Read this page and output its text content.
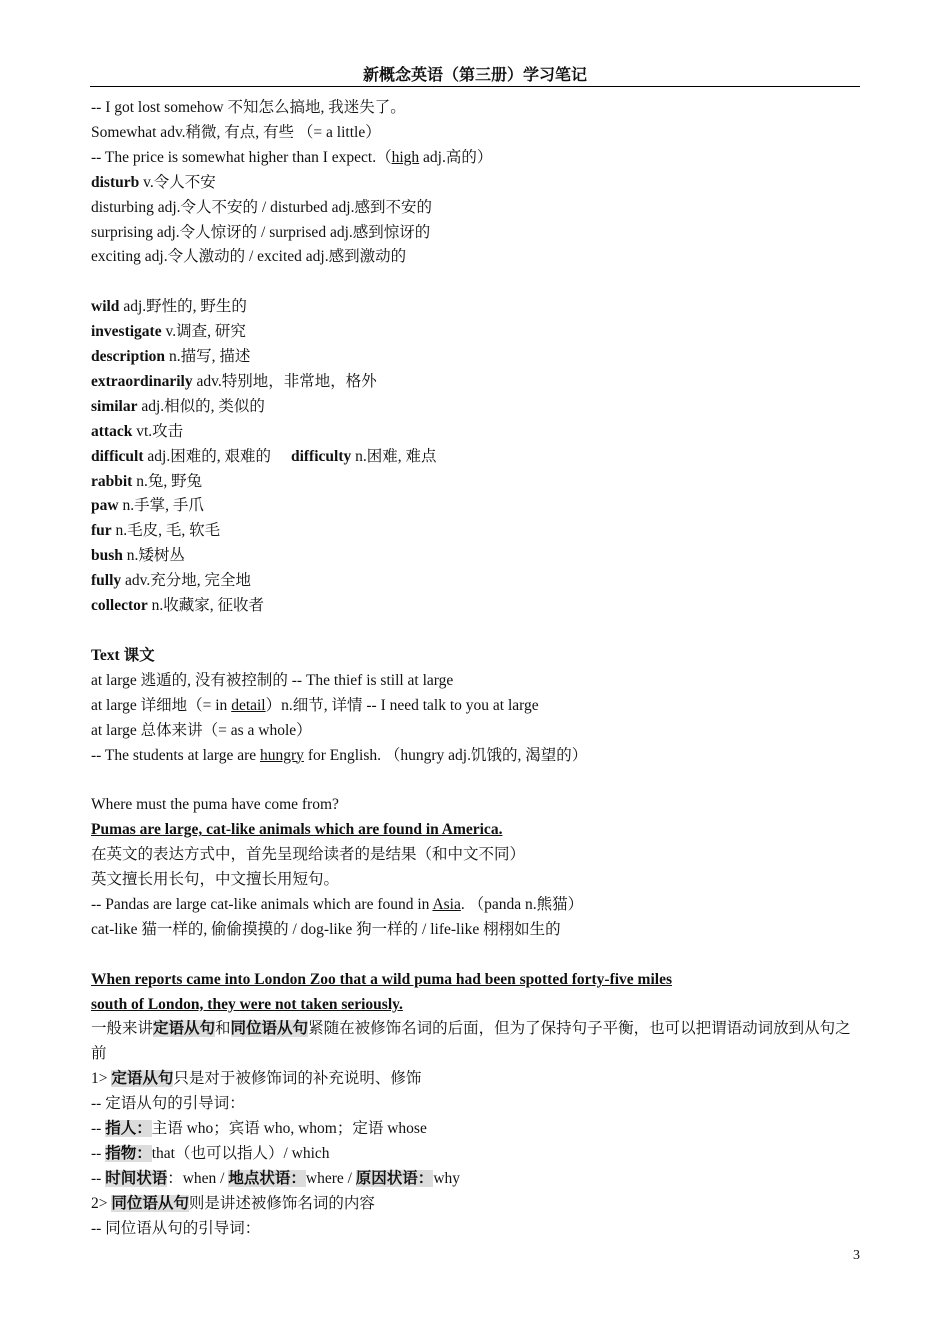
新概念英语（第三册）学习笔记
-- I got lost somehow 不知怎么搞地, 我迷失了。
Somewhat adv.稍微, 有点, 有些 （= a little）
-- The price is somewhat higher than I expect.（high adj.高的）
disturb v.令人不安
disturbing adj.令人不安的 / disturbed adj.感到不安的
surprising adj.令人惊讶的 / surprised adj.感到惊讶的
exciting adj.令人激动的 / excited adj.感到激动的
wild adj.野性的, 野生的
investigate v.调查, 研究
description n.描写, 描述
extraordinarily adv.特别地，非常地，格外
similar adj.相似的, 类似的
attack vt.攻击
difficult adj.困难的, 艰难的 difficulty n.困难, 难点
rabbit n.兔, 野兔
paw n.手掌, 手爪
fur n.毛皮, 毛, 软毛
bush n.矮树丛
fully adv.充分地, 完全地
collector n.收藏家, 征收者
Text 课文
at large 逃遁的, 没有被控制的 -- The thief is still at large
at large 详细地（= in detail）n.细节, 详情 -- I need talk to you at large
at large 总体来讲（= as a whole）
-- The students at large are hungry for English. （hungry adj.饥饿的, 渴望的）
Where must the puma have come from?
Pumas are large, cat-like animals which are found in America.
在英文的表达方式中，首先呈现给读者的是结果（和中文不同）
英文擅长用长句，中文擅长用短句。
-- Pandas are large cat-like animals which are found in Asia. （panda n.熊猫）
cat-like 猫一样的, 偷偷摸摸的 / dog-like 狗一样的 / life-like 栩栩如生的
When reports came into London Zoo that a wild puma had been spotted forty-five miles
south of London, they were not taken seriously.
一般来讲定语从句和同位语从句紧随在被修饰名词的后面，但为了保持句子平衡，也可以把谓语动词放到从句之前
1> 定语从句只是对于被修饰词的补充说明、修饰
-- 定语从句的引导词：
-- 指人：主语 who；宾语 who, whom；定语 whose
-- 指物：that（也可以指人）/ which
-- 时间状语：when / 地点状语：where / 原因状语：why
2> 同位语从句则是讲述被修饰名词的内容
-- 同位语从句的引导词：
3
